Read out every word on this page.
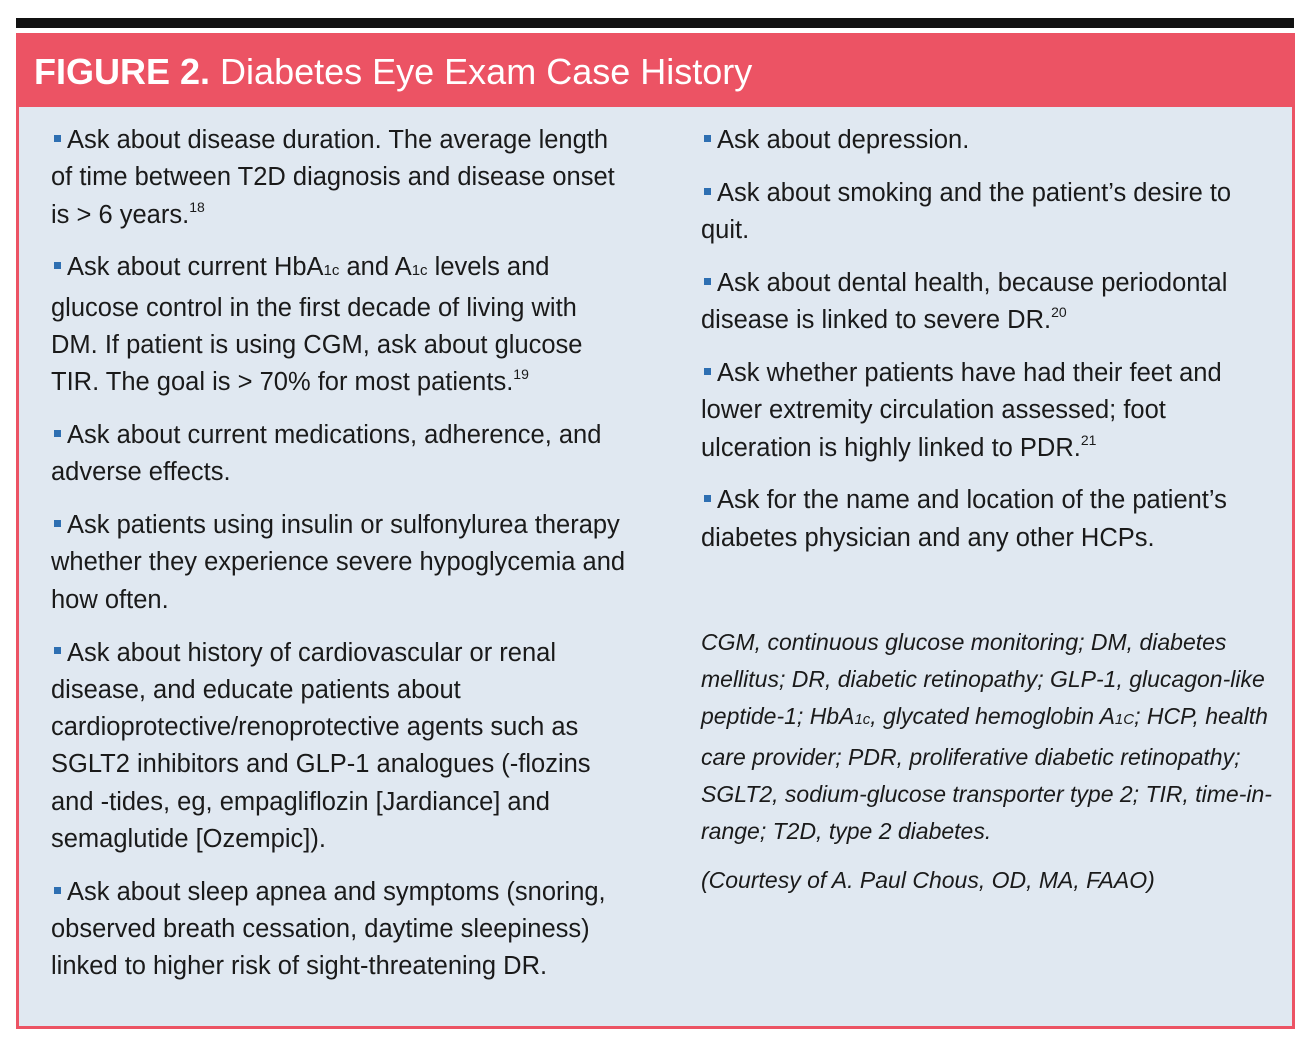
FIGURE 2. Diabetes Eye Exam Case History
Ask about disease duration. The average length of time between T2D diagnosis and disease onset is > 6 years.$^{18}$
Ask about current HbA1c and A1c levels and glucose control in the first decade of living with DM. If patient is using CGM, ask about glucose TIR. The goal is > 70% for most patients.$^{19}$
Ask about current medications, adherence, and adverse effects.
Ask patients using insulin or sulfonylurea therapy whether they experience severe hypoglycemia and how often.
Ask about history of cardiovascular or renal disease, and educate patients about cardioprotective/renoprotective agents such as SGLT2 inhibitors and GLP-1 analogues (-flozins and -tides, eg, empagliflozin [Jardiance] and semaglutide [Ozempic]).
Ask about sleep apnea and symptoms (snoring, observed breath cessation, daytime sleepiness) linked to higher risk of sight-threatening DR.
Ask about depression.
Ask about smoking and the patient’s desire to quit.
Ask about dental health, because periodontal disease is linked to severe DR.$^{20}$
Ask whether patients have had their feet and lower extremity circulation assessed; foot ulceration is highly linked to PDR.$^{21}$
Ask for the name and location of the patient’s diabetes physician and any other HCPs.
CGM, continuous glucose monitoring; DM, diabetes mellitus; DR, diabetic retinopathy; GLP-1, glucagon-like peptide-1; HbA1c, glycated hemoglobin A1C; HCP, health care provider; PDR, proliferative diabetic retinopathy; SGLT2, sodium-glucose transporter type 2; TIR, time-in-range; T2D, type 2 diabetes.
(Courtesy of A. Paul Chous, OD, MA, FAAO)
